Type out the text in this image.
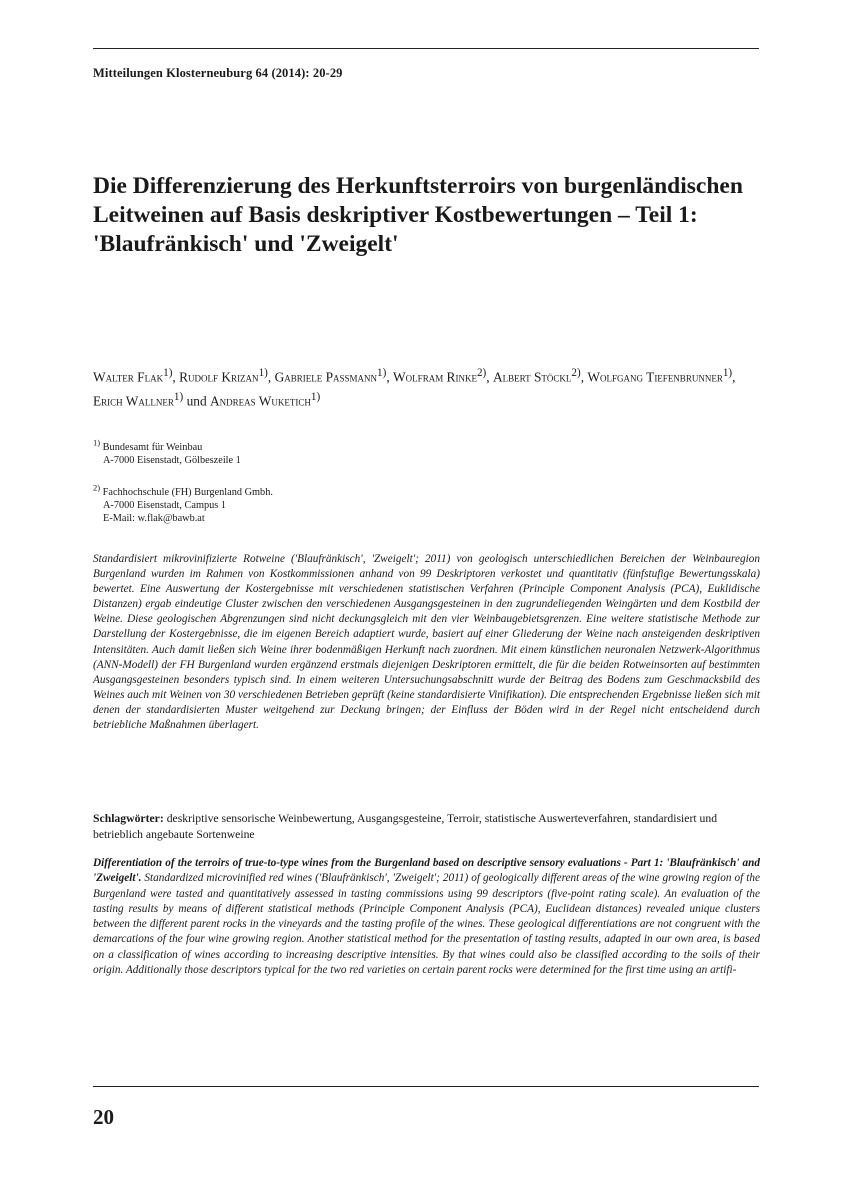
Mitteilungen Klosterneuburg 64 (2014): 20-29
Die Differenzierung des Herkunftsterroirs von burgenländischen Leitweinen auf Basis deskriptiver Kostbewertungen – Teil 1: 'Blaufränkisch' und 'Zweigelt'
Walter Flak$^{1)}$, Rudolf Krizan$^{1)}$, Gabriele Passmann$^{1)}$, Wolfram Rinke$^{2)}$, Albert Stöckl$^{2)}$, Wolfgang Tiefenbrunner$^{1)}$, Erich Wallner$^{1)}$ und Andreas Wuketich$^{1)}$
$^{1)}$ Bundesamt für Weinbau
A-7000 Eisenstadt, Gölbeszeile 1
$^{2)}$ Fachhochschule (FH) Burgenland Gmbh.
A-7000 Eisenstadt, Campus 1
E-Mail: w.flak@bawb.at

Standardisiert mikrovinifizierte Rotweine ('Blaufränkisch', 'Zweigelt'; 2011) von geologisch unterschiedlichen Bereichen der Weinbauregion Burgenland wurden im Rahmen von Kostkommissionen anhand von 99 Deskriptoren verkostet und quantitativ (fünfstufige Bewertungsskala) bewertet. Eine Auswertung der Kostergebnisse mit verschiedenen statistischen Verfahren (Principle Component Analysis (PCA), Euklidische Distanzen) ergab eindeutige Cluster zwischen den verschiedenen Ausgangsgesteinen in den zugrundeliegenden Weingärten und dem Kostbild der Weine. Diese geologischen Abgrenzungen sind nicht deckungsgleich mit den vier Weinbaugebietsgrenzen. Eine weitere statistische Methode zur Darstellung der Kostergebnisse, die im eigenen Bereich adaptiert wurde, basiert auf einer Gliederung der Weine nach ansteigenden deskriptiven Intensitäten. Auch damit ließen sich Weine ihrer bodenmäßigen Herkunft nach zuordnen. Mit einem künstlichen neuronalen Netzwerk-Algorithmus (ANN-Modell) der FH Burgenland wurden ergänzend erstmals diejenigen Deskriptoren ermittelt, die für die beiden Rotweinsorten auf bestimmten Ausgangsgesteinen besonders typisch sind. In einem weiteren Untersuchungsabschnitt wurde der Beitrag des Bodens zum Geschmacksbild des Weines auch mit Weinen von 30 verschiedenen Betrieben geprüft (keine standardisierte Vinifikation). Die entsprechenden Ergebnisse ließen sich mit denen der standardisierten Muster weitgehend zur Deckung bringen; der Einfluss der Böden wird in der Regel nicht entscheidend durch betriebliche Maßnahmen überlagert.

Schlagwörter: deskriptive sensorische Weinbewertung, Ausgangsgesteine, Terroir, statistische Auswerteverfahren, standardisiert und betrieblich angebaute Sortenweine

Differentiation of the terroirs of true-to-type wines from the Burgenland based on descriptive sensory evaluations - Part 1: 'Blaufränkisch' and 'Zweigelt'. Standardized microvinified red wines ('Blaufränkisch', 'Zweigelt'; 2011) of geologically different areas of the wine growing region of the Burgenland were tasted and quantitatively assessed in tasting commissions using 99 descriptors (five-point rating scale). An evaluation of the tasting results by means of different statistical methods (Principle Component Analysis (PCA), Euclidean distances) revealed unique clusters between the different parent rocks in the vineyards and the tasting profile of the wines. These geological differentiations are not congruent with the demarcations of the four wine growing region. Another statistical method for the presentation of tasting results, adapted in our own area, is based on a classification of wines according to increasing descriptive intensities. By that wines could also be classified according to the soils of their origin. Additionally those descriptors typical for the two red varieties on certain parent rocks were determined for the first time using an artifi-

20
